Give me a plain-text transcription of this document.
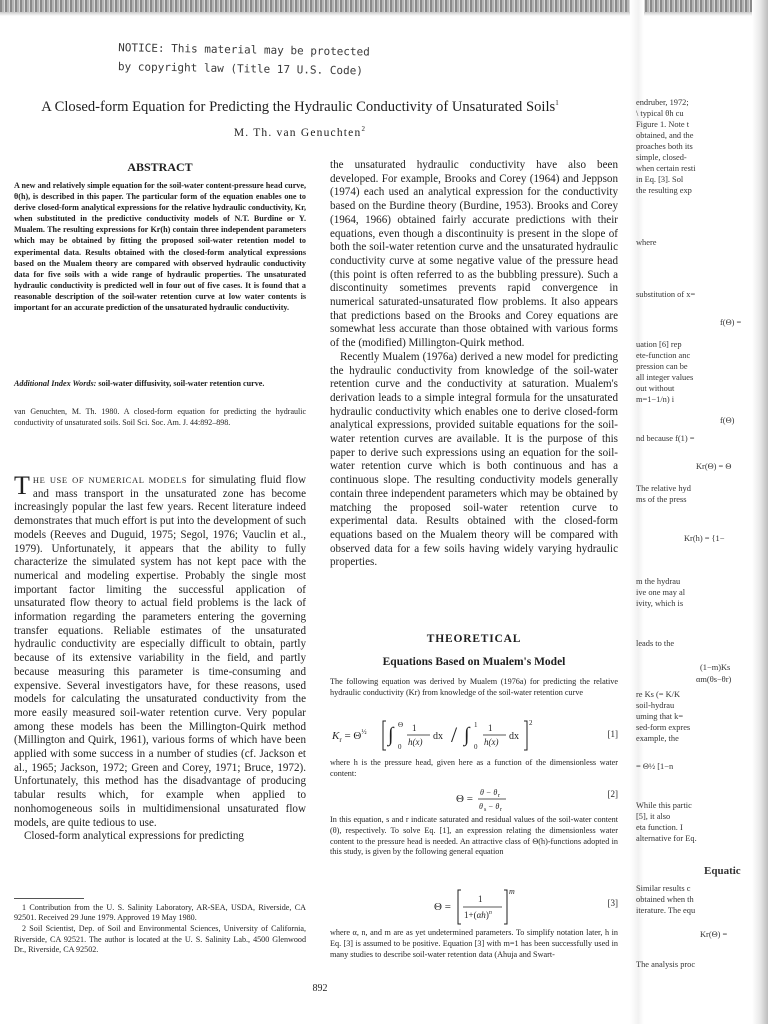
NOTICE: This material may be protected
by copyright law (Title 17 U.S. Code)
A Closed-form Equation for Predicting the Hydraulic Conductivity of Unsaturated Soils$^1$
M. Th. van Genuchten$^2$
ABSTRACT
A new and relatively simple equation for the soil-water content-pressure head curve, θ(h), is described in this paper. The particular form of the equation enables one to derive closed-form analytical expressions for the relative hydraulic conductivity, Kr, when substituted in the predictive conductivity models of N.T. Burdine or Y. Mualem. The resulting expressions for Kr(h) contain three independent parameters which may be obtained by fitting the proposed soil-water retention model to experimental data. Results obtained with the closed-form analytical expressions based on the Mualem theory are compared with observed hydraulic conductivity data for five soils with a wide range of hydraulic properties. The unsaturated hydraulic conductivity is predicted well in four out of five cases. It is found that a reasonable description of the soil-water retention curve at low water contents is important for an accurate prediction of the unsaturated hydraulic conductivity.
Additional Index Words: soil-water diffusivity, soil-water retention curve.
van Genuchten, M. Th. 1980. A closed-form equation for predicting the hydraulic conductivity of unsaturated soils. Soil Sci. Soc. Am. J. 44:892–898.

THE USE OF NUMERICAL MODELS for simulating fluid flow and mass transport in the unsaturated zone has become increasingly popular the last few years. Recent literature indeed demonstrates that much effort is put into the development of such models (Reeves and Duguid, 1975; Segol, 1976; Vauclin et al., 1979). Unfortunately, it appears that the ability to fully characterize the simulated system has not kept pace with the numerical and modeling expertise. Probably the single most important factor limiting the successful application of unsaturated flow theory to actual field problems is the lack of information regarding the parameters entering the governing transfer equations. Reliable estimates of the unsaturated hydraulic conductivity are especially difficult to obtain, partly because of its extensive variability in the field, and partly because measuring this parameter is time-consuming and expensive. Several investigators have, for these reasons, used models for calculating the unsaturated conductivity from the more easily measured soil-water retention curve. Very popular among these models has been the Millington-Quirk method (Millington and Quirk, 1961), various forms of which have been applied with some success in a number of studies (cf. Jackson et al., 1965; Jackson, 1972; Green and Corey, 1971; Bruce, 1972). Unfortunately, this method has the disadvantage of producing tabular results which, for example when applied to nonhomogeneous soils in multidimensional unsaturated flow models, are quite tedious to use.

Closed-form analytical expressions for predicting

1 Contribution from the U. S. Salinity Laboratory, AR-SEA, USDA, Riverside, CA 92501. Received 29 June 1979. Approved 19 May 1980.

2 Soil Scientist, Dep. of Soil and Environmental Sciences, University of California, Riverside, CA 92521. The author is located at the U. S. Salinity Lab., 4500 Glenwood Dr., Riverside, CA 92502.

the unsaturated hydraulic conductivity have also been developed. For example, Brooks and Corey (1964) and Jeppson (1974) each used an analytical expression for the conductivity based on the Burdine theory (Burdine, 1953). Brooks and Corey (1964, 1966) obtained fairly accurate predictions with their equations, even though a discontinuity is present in the slope of both the soil-water retention curve and the unsaturated hydraulic conductivity curve at some negative value of the pressure head (this point is often referred to as the bubbling pressure). Such a discontinuity sometimes prevents rapid convergence in numerical saturated-unsaturated flow problems. It also appears that predictions based on the Brooks and Corey equations are somewhat less accurate than those obtained with various forms of the (modified) Millington-Quirk method.

Recently Mualem (1976a) derived a new model for predicting the hydraulic conductivity from knowledge of the soil-water retention curve and the conductivity at saturation. Mualem's derivation leads to a simple integral formula for the unsaturated hydraulic conductivity which enables one to derive closed-form analytical expressions, provided suitable equations for the soil-water retention curves are available. It is the purpose of this paper to derive such expressions using an equation for the soil-water retention curve which is both continuous and has a continuous slope. The resulting conductivity models generally contain three independent parameters which may be obtained by matching the proposed soil-water retention curve to experimental data. Results obtained with the closed-form equations based on the Mualem theory will be compared with observed data for a few soils having widely varying hydraulic properties.

THEORETICAL
Equations Based on Mualem's Model
The following equation was derived by Mualem (1976a) for predicting the relative hydraulic conductivity (Kr) from knowledge of the soil-water retention curve
$K_r = \Theta^{\frac{1}{2}}$ ∫ Θ
0
1
h(x) dx / ∫ 1
0
1
h(x) dx
2
[1]
where h is the pressure head, given here as a function of the dimensionless water content:
Θ =
θ − θ r
θ s − θ r
[2]
In this equation, s and r indicate saturated and residual values of the soil-water content (θ), respectively. To solve Eq. [1], an expression relating the dimensionless water content to the pressure head is needed. An attractive class of Θ(h)-functions adopted in this study, is given by the following general equation
Θ =
1
$1+(\alpha h)^n$
m
[3]
where α, n, and m are as yet undetermined parameters. To simplify notation later, h in Eq. [3] is assumed to be positive. Equation [3] with m=1 has been successfully used in many studies to describe soil-water retention data (Ahuja and Swart-
892
endruber, 1972;
\ typical θh cu
Figure 1. Note t
obtained, and the
proaches both its
simple, closed-
when certain resti
in Eq. [3]. Sol
the resulting exp
where
substitution of x=
f(Θ) =
uation [6] rep
ete-function anc
pression can be
all integer values
out without
m=1−1/n) i
f(Θ)
nd because f(1) =
Kr(Θ) = Θ
The relative hyd
ms of the press
Kr(h) = {1−
m the hydrau
ive one may al
ivity, which is
leads to the
(1−m)Ks
αm(θs−θr)
re Ks (= K/K
soil-hydrau
uming that k=
sed-form expres
example, the
= Θ½ [1−n
While this partic
[5], it also
eta function. I
alternative for Eq.
Equatic
Similar results c
obtained when th
iterature. The equ
Kr(Θ) =
The analysis proc
